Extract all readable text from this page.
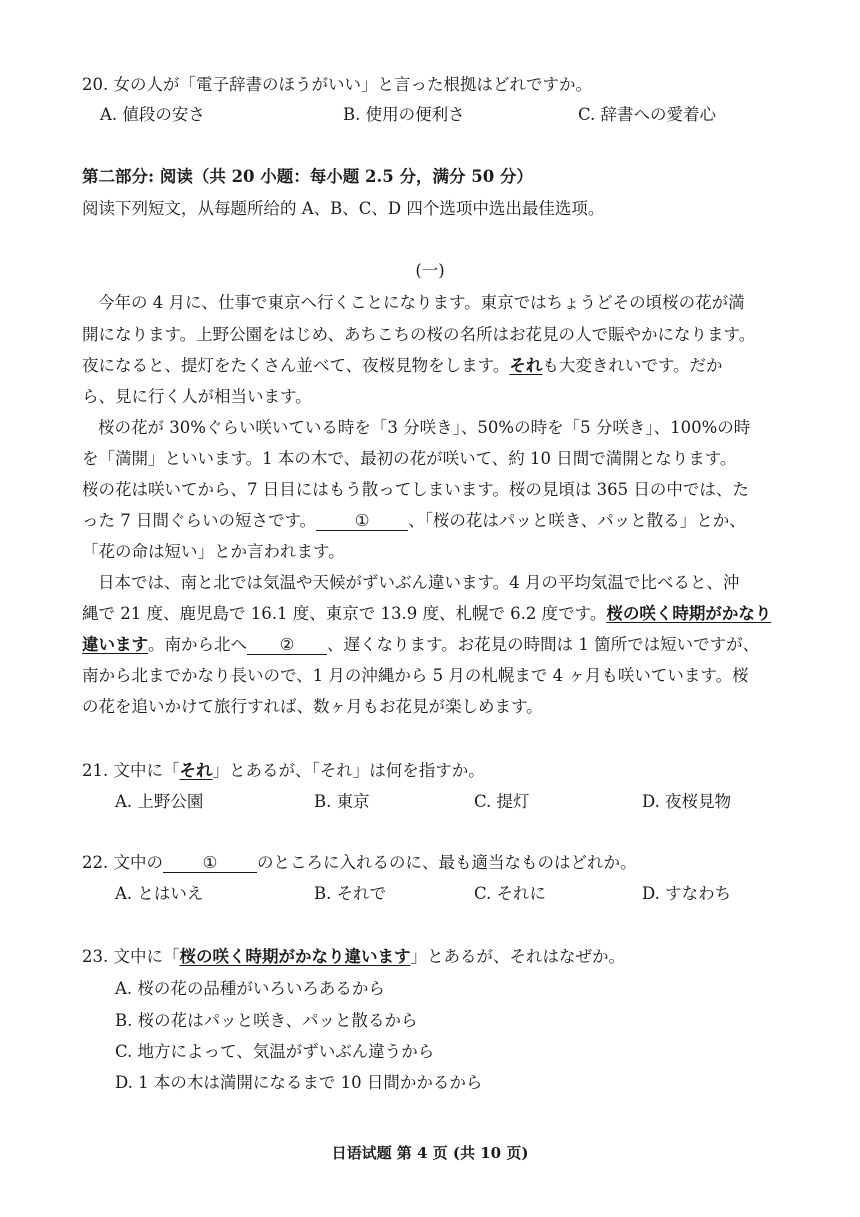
20. 女の人が「電子辞書のほうがいい」と言った根拠はどれですか。
A. 値段の安さ	B. 使用の便利さ	C. 辞書への愛着心
第二部分: 阅读（共 20 小题：每小题 2.5 分，满分 50 分）
阅读下列短文，从每题所给的 A、B、C、D 四个选项中选出最佳选项。
(一)
今年の 4 月に、仕事で東京へ行くことになります。東京ではちょうどその頃桜の花が満
開になります。上野公園をはじめ、あちこちの桜の名所はお花見の人で賑やかになります。
夜になると、提灯をたくさん並べて、夜桜見物をします。それも大変きれいです。だか
ら、見に行く人が相当います。
桜の花が 30%ぐらい咲いている時を「3 分咲き」、50%の時を「5 分咲き」、100%の時
を「満開」といいます。1 本の木で、最初の花が咲いて、約 10 日間で満開となります。
桜の花は咲いてから、7 日目にはもう散ってしまいます。桜の見頃は 365 日の中では、た
った 7 日間ぐらいの短さです。 ① 、「桜の花はパッと咲き、パッと散る」とか、
「花の命は短い」とか言われます。
日本では、南と北では気温や天候がずいぶん違います。4 月の平均気温で比べると、沖
縄で 21 度、鹿児島で 16.1 度、東京で 13.9 度、札幌で 6.2 度です。桜の咲く時期がかなり
違います。南から北へ ② 、遅くなります。お花見の時間は 1 箇所では短いですが、
南から北までかなり長いので、1 月の沖縄から 5 月の札幌まで 4 ヶ月も咲いています。桜
の花を追いかけて旅行すれば、数ヶ月もお花見が楽しめます。
21. 文中に「それ」とあるが、「それ」は何を指すか。
A. 上野公園	B. 東京	C. 提灯	D. 夜桜見物
22. 文中の ① のところに入れるのに、最も適当なものはどれか。
A. とはいえ	B. それで	C. それに	D. すなわち
23. 文中に「桜の咲く時期がかなり違います」とあるが、それはなぜか。
A. 桜の花の品種がいろいろあるから
B. 桜の花はパッと咲き、パッと散るから
C. 地方によって、気温がずいぶん違うから
D. 1 本の木は満開になるまで 10 日間かかるから
日语试题 第 4 页 (共 10 页)
